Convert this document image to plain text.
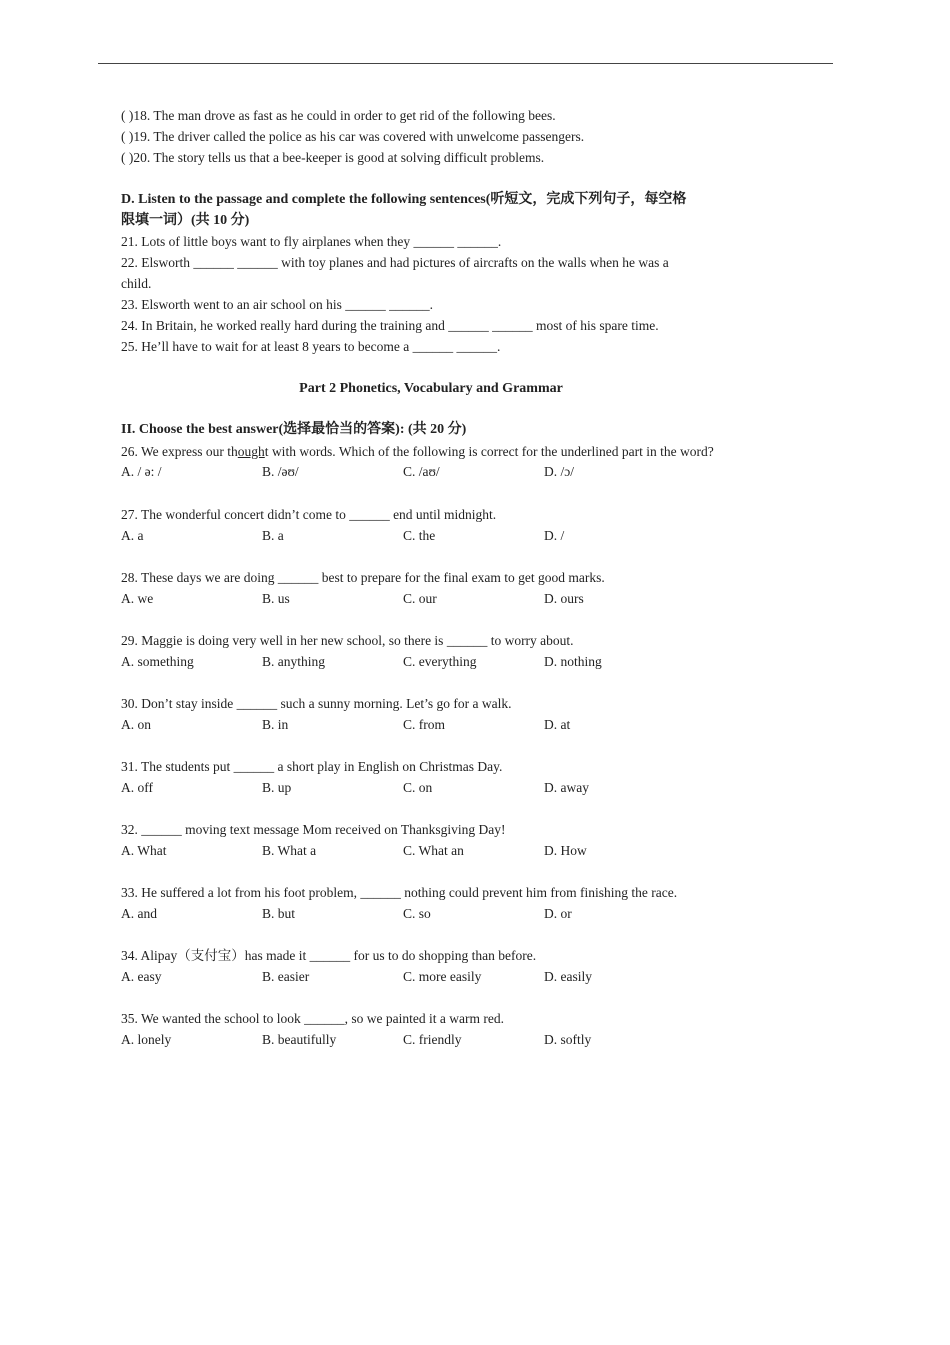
( )18. The man drove as fast as he could in order to get rid of the following bees.
( )19. The driver called the police as his car was covered with unwelcome passengers.
( )20. The story tells us that a bee-keeper is good at solving difficult problems.
D. Listen to the passage and complete the following sentences(听短文，完成下列句子，每空格
限填一词）(共 10 分)
21. Lots of little boys want to fly airplanes when they ______ ______.
22. Elsworth ______ ______ with toy planes and had pictures of aircrafts on the walls when he was a
child.
23. Elsworth went to an air school on his ______ ______.
24. In Britain, he worked really hard during the training and ______ ______ most of his spare time.
25. He’ll have to wait for at least 8 years to become a ______ ______.
Part 2 Phonetics, Vocabulary and Grammar
II. Choose the best answer(选择最恰当的答案): (共 20 分)
26. We express our thought with words. Which of the following is correct for the underlined part in the word?
A. / ə: /	B. /əʊ/	C. /aʊ/	D. /ɔ/
27. The wonderful concert didn’t come to ______ end until midnight.
A. a	B. a	C. the	D. /
28. These days we are doing ______ best to prepare for the final exam to get good marks.
A. we	B. us	C. our	D. ours
29. Maggie is doing very well in her new school, so there is ______ to worry about.
A. something	B. anything	C. everything	D. nothing
30. Don’t stay inside ______ such a sunny morning. Let’s go for a walk.
A. on	B. in	C. from	D. at
31. The students put ______ a short play in English on Christmas Day.
A. off	B. up	C. on	D. away
32. ______ moving text message Mom received on Thanksgiving Day!
A. What	B. What a	C. What an	D. How
33. He suffered a lot from his foot problem, ______ nothing could prevent him from finishing the race.
A. and	B. but	C. so	D. or
34. Alipay（支付宝）has made it ______ for us to do shopping than before.
A. easy	B. easier	C. more easily	D. easily
35. We wanted the school to look ______, so we painted it a warm red.
A. lonely	B. beautifully	C. friendly	D. softly
